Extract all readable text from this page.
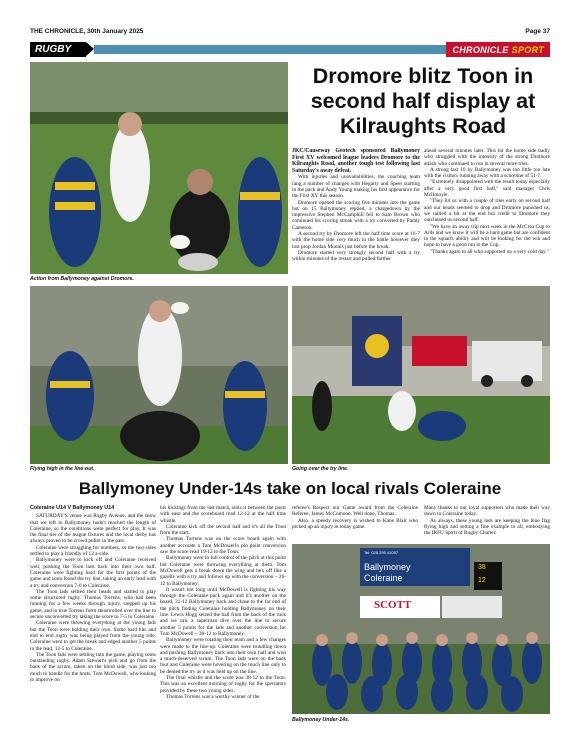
THE CHRONICLE, 30th January 2025	Page 37
RUGBY	CHRONICLE SPORT
Action from Ballymoney against Dromore.
Dromore blitz Toon in second half display at Kilraughts Road

JKC/Causeway Geotech sponsored Ballymoney First XV welcomed league leaders Dromore to the Kilraughts Road, another tough test following last Saturday's away defeat.

With injuries and unavailabilities, the coaching team rang a number of changes with Hegarty and Speer starting in the pack and Andy Young making his first appearance for the First XV this season.

Dromore opened the scoring five minutes into the game but on 15 Ballymoney replied, a chargedown by the impressive Stephen McCamphill fell to Sam Brown who continued his scoring streak with a try converted by Paddy Cameron.

A second try by Dromore left the half time score at 16-7 with the home side very much in the battle however they lost prop Jordan Munnis just before the break.

Dromore started very strongly second half with a try within minutes of the restart and pulled further

ahead several minutes later. This hit the home side badly who struggled with the intensity of the strong Dromore attack who continued to run in several more tries.

A strong last 10 by Ballymoney was too little too late with the visitors running away with a scoreline of 51-7.

"Extremely disappointed with the result today especially after a very good first half," said manager Chris McIlmoyle.

"They hit us with a couple of tries early on second half and our heads seemed to drop and Dromore punished us, we rallied a bit at the end but credit to Dromore they outclassed us second half.

"We have an away trip next week in the McCrea Cup to Ards and we know it will be a hard game but are confident in the squad's ability and will be looking for the win and hope to have a good run in the Cup.

"Thanks again to all who supported on a very cold day."

Flying high in the line-out.	Going over the try line.
Ballymoney Under-14s take on local rivals Coleraine
Coleraine U14 V Ballymoney U14

SATURDAY'S venue was Rugby Avenue, and the snow that we left in Ballymoney hadn't reached the length of Coleraine, so the conditions were perfect for play. It was the final tier of the league fixtures and the local derby has always proven to be crowd puller in the past.

Coleraine were struggling for numbers, so the two sides settled to play a friendly of 12 a-side.

Ballymoney were to kick off and Coleraine received well, pushing the Toon lads back into their own half. Coleraine were fighting hard for the first points of the game and soon found the try line, taking an early lead with a try and conversion 7-0 to Coleraine.

The Toon lads settled their heads and started to play some structured rugby. Thomas Torrens, who had been running for a few weeks through injury, stepped up his game, and in true Torrens form steamrolled over the line to secure unconverted try taking the score to 7-5 to Coleraine.

Coleraine were throwing everything at the young lads but the Toon were holding their own. Some hard hits and end to end rugby was being played from the young side. Coleraine went to get the break and edged another 5 points in the lead, 12-5 to Coleraine.

The Toon lads were settling into the game, playing some outstanding rugby. Adam Stewart's pick and go from the back of the scrum, taken on the blind side, was just too much to handle for the hosts. Tom McDowell, who looking to improve on

his kickings from the last match, slots it between the posts with ease and the scoreboard read 12-12 at the half time whistle.

Coleraine kick off the second half and it's all the Toon from the start.

Thomas Torrens was on the score board again with another accurate a Tom McDowell's pin point conversion saw the score read 19-12 to the Toon.

Ballymoney were in full control of the pitch at this point but Coleraine were throwing everything at them. Tom McDowell gets a break down the wing and he's off like a gazelle with a try and follows up with the conversion – 26-12 to Ballymoney.

It wasn't not long until McDowell is fighting his way through the Coleraine pack again and it's another on the board, 31-12 Ballymoney back and chase to the far end of the pitch finding Coleraine holding Ballymoney on their line. Lewis Hogg seized the ball from the back of the ruck and we saw a superman dive over the line to secure another 5 points for the lads and another conversion for Tom McDowell – 38-12 to Ballymoney.

Ballymoney were rotating their team and a few changes were made to the line-up. Coleraine were trundling down and pushing Ballymoney back into their own half and won a much-deserved scrum. The Toon lads were on the back foot and Coleraine were hovering on the touch line only to be denied the try as it was held up on the line.

The final whistle and the score was 38-12 to the Toon. This was an excellent morning of rugby for the spectators provided by these two young sides.

Thomas Torrens was a worthy winner of the

referee's Respect our Game award from the Coleraine Referee, James McComoon. Well done, Thomas.

Also, a speedy recovery is wished to Kane Blair who picked up an injury in today game.

Many thanks to our loyal supporters who made their way down to Coleraine today.

As always, these young lads are keeping the blue flag flying high and setting a fine example to all, embodying the IRFU Spirit of Rugby Charter.

Ballymoney
Coleraine
38
12
SCOTT
Tel: 028 295 41057
Ballymoney Under-14s.
